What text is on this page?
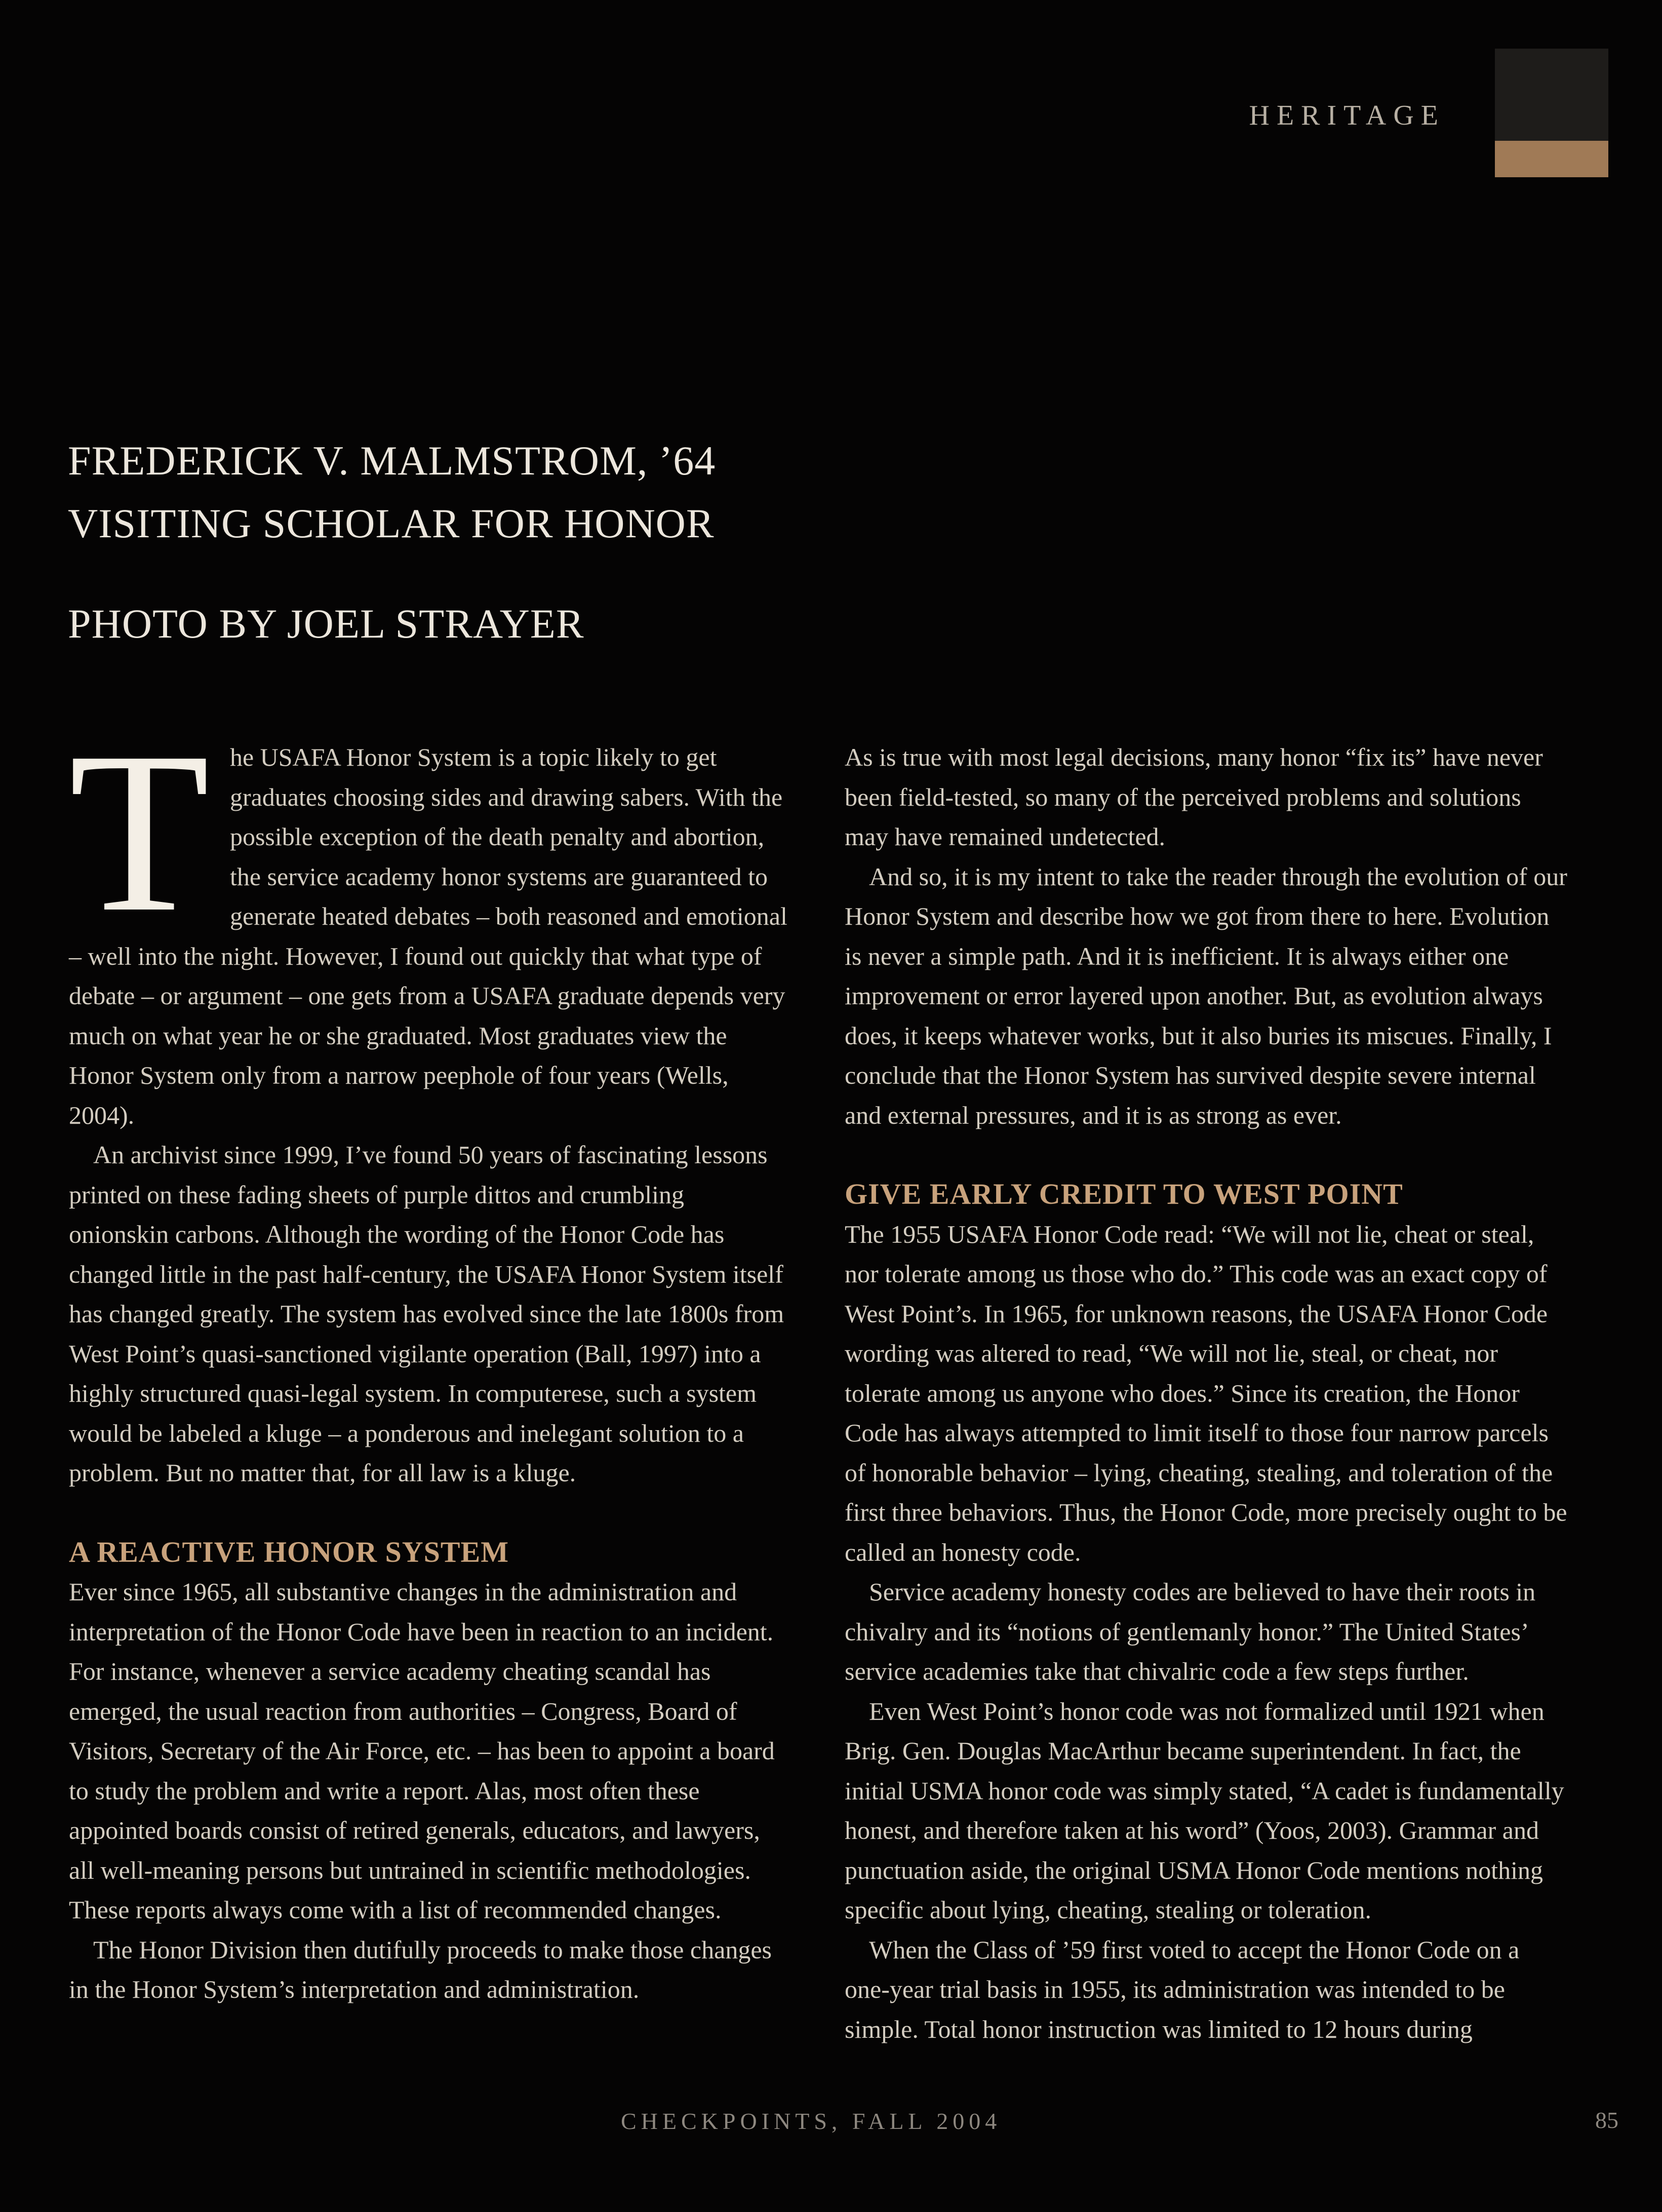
HERITAGE
FREDERICK V. MALMSTROM, ’64
VISITING SCHOLAR FOR HONOR
PHOTO BY JOEL STRAYER

The USAFA Honor System is a topic likely to get graduates choosing sides and drawing sabers. With the possible exception of the death penalty and abortion, the service academy honor systems are guaranteed to generate heated debates – both reasoned and emotional – well into the night. However, I found out quickly that what type of debate – or argument – one gets from a USAFA graduate depends very much on what year he or she graduated. Most graduates view the Honor System only from a narrow peephole of four years (Wells, 2004).

An archivist since 1999, I’ve found 50 years of fascinating lessons printed on these fading sheets of purple dittos and crumbling onionskin carbons. Although the wording of the Honor Code has changed little in the past half-century, the USAFA Honor System itself has changed greatly. The system has evolved since the late 1800s from West Point’s quasi-sanctioned vigilante operation (Ball, 1997) into a highly structured quasi-legal system. In computerese, such a system would be labeled a kluge – a ponderous and inelegant solution to a problem. But no matter that, for all law is a kluge.

A REACTIVE HONOR SYSTEM

Ever since 1965, all substantive changes in the administration and interpretation of the Honor Code have been in reaction to an incident. For instance, whenever a service academy cheating scandal has emerged, the usual reaction from authorities – Congress, Board of Visitors, Secretary of the Air Force, etc. – has been to appoint a board to study the problem and write a report. Alas, most often these appointed boards consist of retired generals, educators, and lawyers, all well-meaning persons but untrained in scientific methodologies. These reports always come with a list of recommended changes.

The Honor Division then dutifully proceeds to make those changes in the Honor System’s interpretation and administration.

As is true with most legal decisions, many honor “fix its” have never been field-tested, so many of the perceived problems and solutions may have remained undetected.

And so, it is my intent to take the reader through the evolution of our Honor System and describe how we got from there to here. Evolution is never a simple path. And it is inefficient. It is always either one improvement or error layered upon another. But, as evolution always does, it keeps whatever works, but it also buries its miscues. Finally, I conclude that the Honor System has survived despite severe internal and external pressures, and it is as strong as ever.

GIVE EARLY CREDIT TO WEST POINT

The 1955 USAFA Honor Code read: “We will not lie, cheat or steal, nor tolerate among us those who do.” This code was an exact copy of West Point’s. In 1965, for unknown reasons, the USAFA Honor Code wording was altered to read, “We will not lie, steal, or cheat, nor tolerate among us anyone who does.” Since its creation, the Honor Code has always attempted to limit itself to those four narrow parcels of honorable behavior – lying, cheating, stealing, and toleration of the first three behaviors. Thus, the Honor Code, more precisely ought to be called an honesty code.

Service academy honesty codes are believed to have their roots in chivalry and its “notions of gentlemanly honor.” The United States’ service academies take that chivalric code a few steps further.

Even West Point’s honor code was not formalized until 1921 when Brig. Gen. Douglas MacArthur became superintendent. In fact, the initial USMA honor code was simply stated, “A cadet is fundamentally honest, and therefore taken at his word” (Yoos, 2003). Grammar and punctuation aside, the original USMA Honor Code mentions nothing specific about lying, cheating, stealing or toleration.

When the Class of ’59 first voted to accept the Honor Code on a one-year trial basis in 1955, its administration was intended to be simple. Total honor instruction was limited to 12 hours during

CHECKPOINTS, FALL 2004	85
